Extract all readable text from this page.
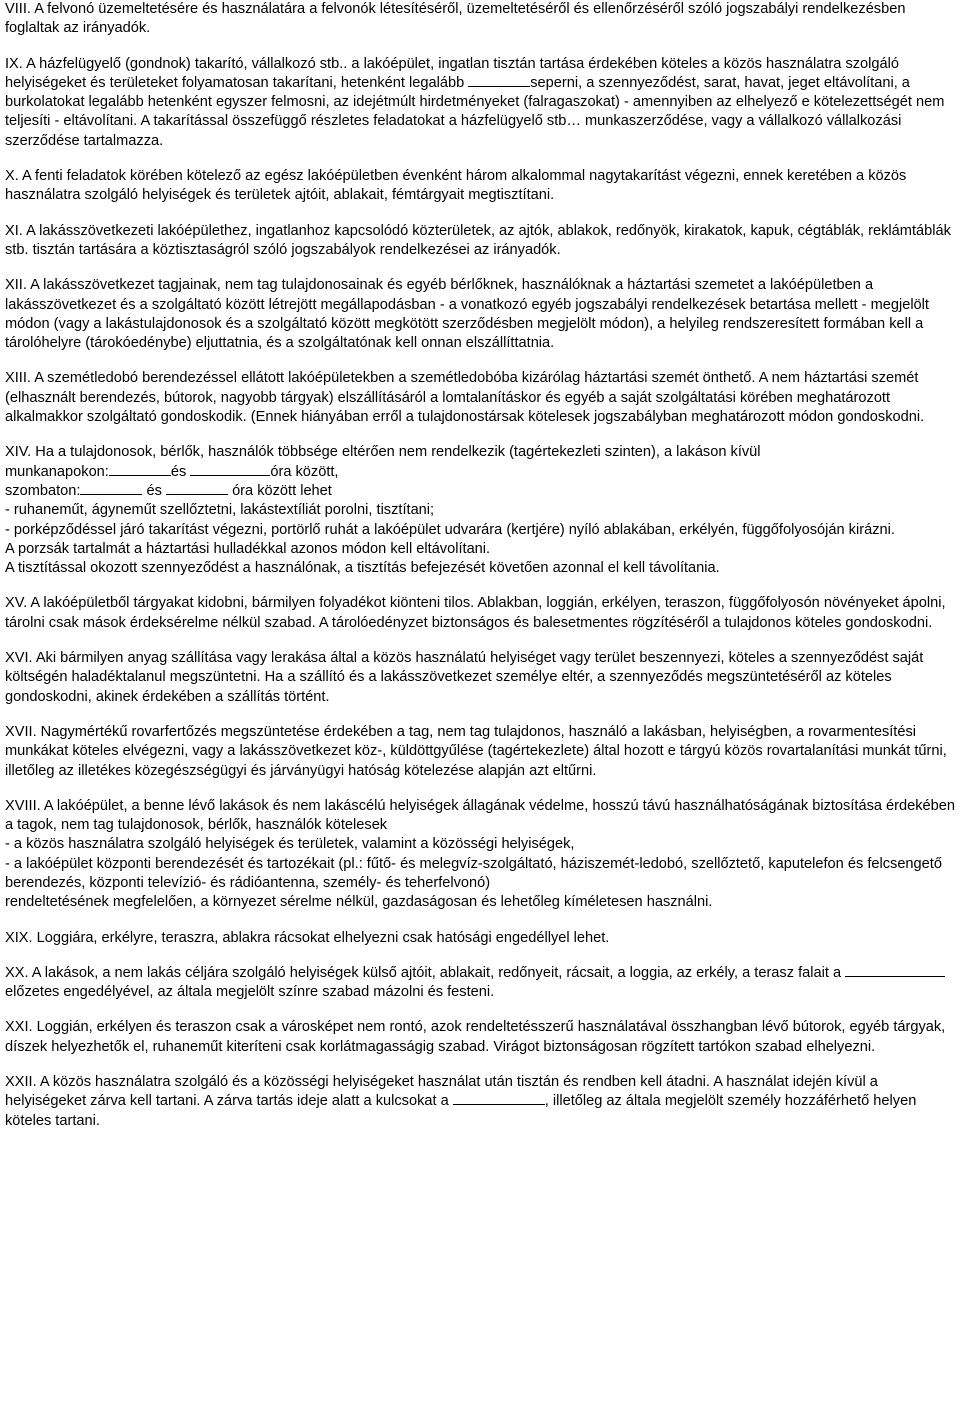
VIII. A felvonó üzemeltetésére és használatára a felvonók létesítéséről, üzemeltetéséről és ellenőrzéséről szóló jogszabályi rendelkezésben foglaltak az irányadók.

IX. A házfelügyelő (gondnok) takarító, vállalkozó stb.. a lakóépület, ingatlan tisztán tartása érdekében köteles a közös használatra szolgáló helyiségeket és területeket folyamatosan takarítani, hetenként legalább	seperni, a szennyeződést, sarat, havat, jeget eltávolítani, a burkolatokat legalább hetenként egyszer felmosni, az idejétmúlt hirdetményeket (falragaszokat) - amennyiben az elhelyező e kötelezettségét nem teljesíti - eltávolítani. A takarítással összefüggő részletes feladatokat a házfelügyelő stb… munkaszerződése, vagy a vállalkozó vállalkozási szerződése tartalmazza.

X. A fenti feladatok körében kötelező az egész lakóépületben évenként három alkalommal nagytakarítást végezni, ennek keretében a közös használatra szolgáló helyiségek és területek ajtóit, ablakait, fémtárgyait megtisztítani.

XI. A lakásszövetkezeti lakóépülethez, ingatlanhoz kapcsolódó közterületek, az ajtók, ablakok, redőnyök, kirakatok, kapuk, cégtáblák, reklámtáblák stb. tisztán tartására a köztisztaságról szóló jogszabályok rendelkezései az irányadók.

XII. A lakásszövetkezet tagjainak, nem tag tulajdonosainak és egyéb bérlőknek, használóknak a háztartási szemetet a lakóépületben a lakásszövetkezet és a szolgáltató között létrejött megállapodásban - a vonatkozó egyéb jogszabályi rendelkezések betartása mellett - megjelölt módon (vagy a lakástulajdonosok és a szolgáltató között megkötött szerződésben megjelölt módon), a helyileg rendszeresített formában kell a tárolóhelyre (tárokóedénybe) eljuttatnia, és a szolgáltatónak kell onnan elszállíttatnia.

XIII. A szemétledobó berendezéssel ellátott lakóépületekben a szemétledobóba kizárólag háztartási szemét önthető. A nem háztartási szemét (elhasznált berendezés, bútorok, nagyobb tárgyak) elszállításáról a lomtalanításkor és egyéb a saját szolgáltatási körében meghatározott alkalmakkor szolgáltató gondoskodik. (Ennek hiányában erről a tulajdonostársak kötelesek jogszabályban meghatározott módon gondoskodni.

XIV. Ha a tulajdonosok, bérlők, használók többsége eltérően nem rendelkezik (tagértekezleti szinten), a lakáson kívül

munkanapokon:	és	óra között,

szombaton:	és	óra között lehet

- ruhaneműt, ágyneműt szellőztetni, lakástextíliát porolni, tisztítani;

- porképződéssel járó takarítást végezni, portörlő ruhát a lakóépület udvarára (kertjére) nyíló ablakában, erkélyén, függőfolyosóján kirázni.

A porzsák tartalmát a háztartási hulladékkal azonos módon kell eltávolítani.

A tisztítással okozott szennyeződést a használónak, a tisztítás befejezését követően azonnal el kell távolítania.

XV. A lakóépületből tárgyakat kidobni, bármilyen folyadékot kiönteni tilos. Ablakban, loggián, erkélyen, teraszon, függőfolyosón növényeket ápolni, tárolni csak mások érdeksérelme nélkül szabad. A tárolóedényzet biztonságos és balesetmentes rögzítéséről a tulajdonos köteles gondoskodni.

XVI. Aki bármilyen anyag szállítása vagy lerakása által a közös használatú helyiséget vagy terület beszennyezi, köteles a szennyeződést saját költségén haladéktalanul megszüntetni. Ha a szállító és a lakásszövetkezet személye eltér, a szennyeződés megszüntetéséről az köteles gondoskodni, akinek érdekében a szállítás történt.

XVII. Nagymértékű rovarfertőzés megszüntetése érdekében a tag, nem tag tulajdonos, használó a lakásban, helyiségben, a rovarmentesítési munkákat köteles elvégezni, vagy a lakásszövetkezet köz-, küldöttgyűlése (tagértekezlete) által hozott e tárgyú közös rovartalanítási munkát tűrni, illetőleg az illetékes közegészségügyi és járványügyi hatóság kötelezése alapján azt eltűrni.

XVIII. A lakóépület, a benne lévő lakások és nem lakáscélú helyiségek állagának védelme, hosszú távú használhatóságának biztosítása érdekében a tagok, nem tag tulajdonosok, bérlők, használók kötelesek

- a közös használatra szolgáló helyiségek és területek, valamint a közösségi helyiségek,

- a lakóépület központi berendezését és tartozékait (pl.: fűtő- és melegvíz-szolgáltató, háziszemét-ledobó, szellőztető, kaputelefon és felcsengető berendezés, központi televízió- és rádióantenna, személy- és teherfelvonó)

rendeltetésének megfelelően, a környezet sérelme nélkül, gazdaságosan és lehetőleg kíméletesen használni.

XIX. Loggiára, erkélyre, teraszra, ablakra rácsokat elhelyezni csak hatósági engedéllyel lehet.

XX. A lakások, a nem lakás céljára szolgáló helyiségek külső ajtóit, ablakait, redőnyeit, rácsait, a loggia, az erkély, a terasz falait a	előzetes engedélyével, az általa megjelölt színre szabad mázolni és festeni.

XXI. Loggián, erkélyen és teraszon csak a városképet nem rontó, azok rendeltetésszerű használatával összhangban lévő bútorok, egyéb tárgyak, díszek helyezhetők el, ruhaneműt kiteríteni csak korlátmagasságig szabad. Virágot biztonságosan rögzített tartókon szabad elhelyezni.

XXII. A közös használatra szolgáló és a közösségi helyiségeket használat után tisztán és rendben kell átadni. A használat idején kívül a helyiségeket zárva kell tartani. A zárva tartás ideje alatt a kulcsokat a	, illetőleg az általa megjelölt személy hozzáférhető helyen köteles tartani.
